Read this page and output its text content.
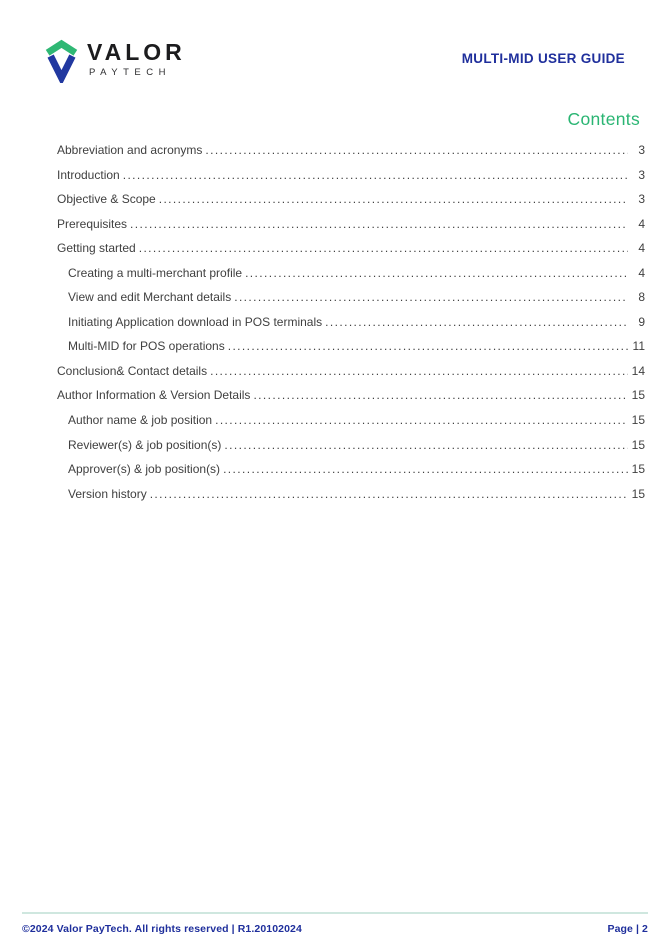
VALOR
PAYTECH
MULTI-MID USER GUIDE
Contents
Abbreviation and acronyms .....	3
Introduction .....	3
Objective & Scope .....	3
Prerequisites .....	4
Getting started .....	4
Creating a multi-merchant profile .....	4
View and edit Merchant details .....	8
Initiating Application download in POS terminals .....	9
Multi-MID for POS operations .....	11
Conclusion& Contact details .....	14
Author Information & Version Details .....	15
Author name & job position .....	15
Reviewer(s) & job position(s) .....	15
Approver(s) & job position(s) .....	15
Version history .....	15
©2024 Valor PayTech. All rights reserved | R1.20102024	Page | 2
